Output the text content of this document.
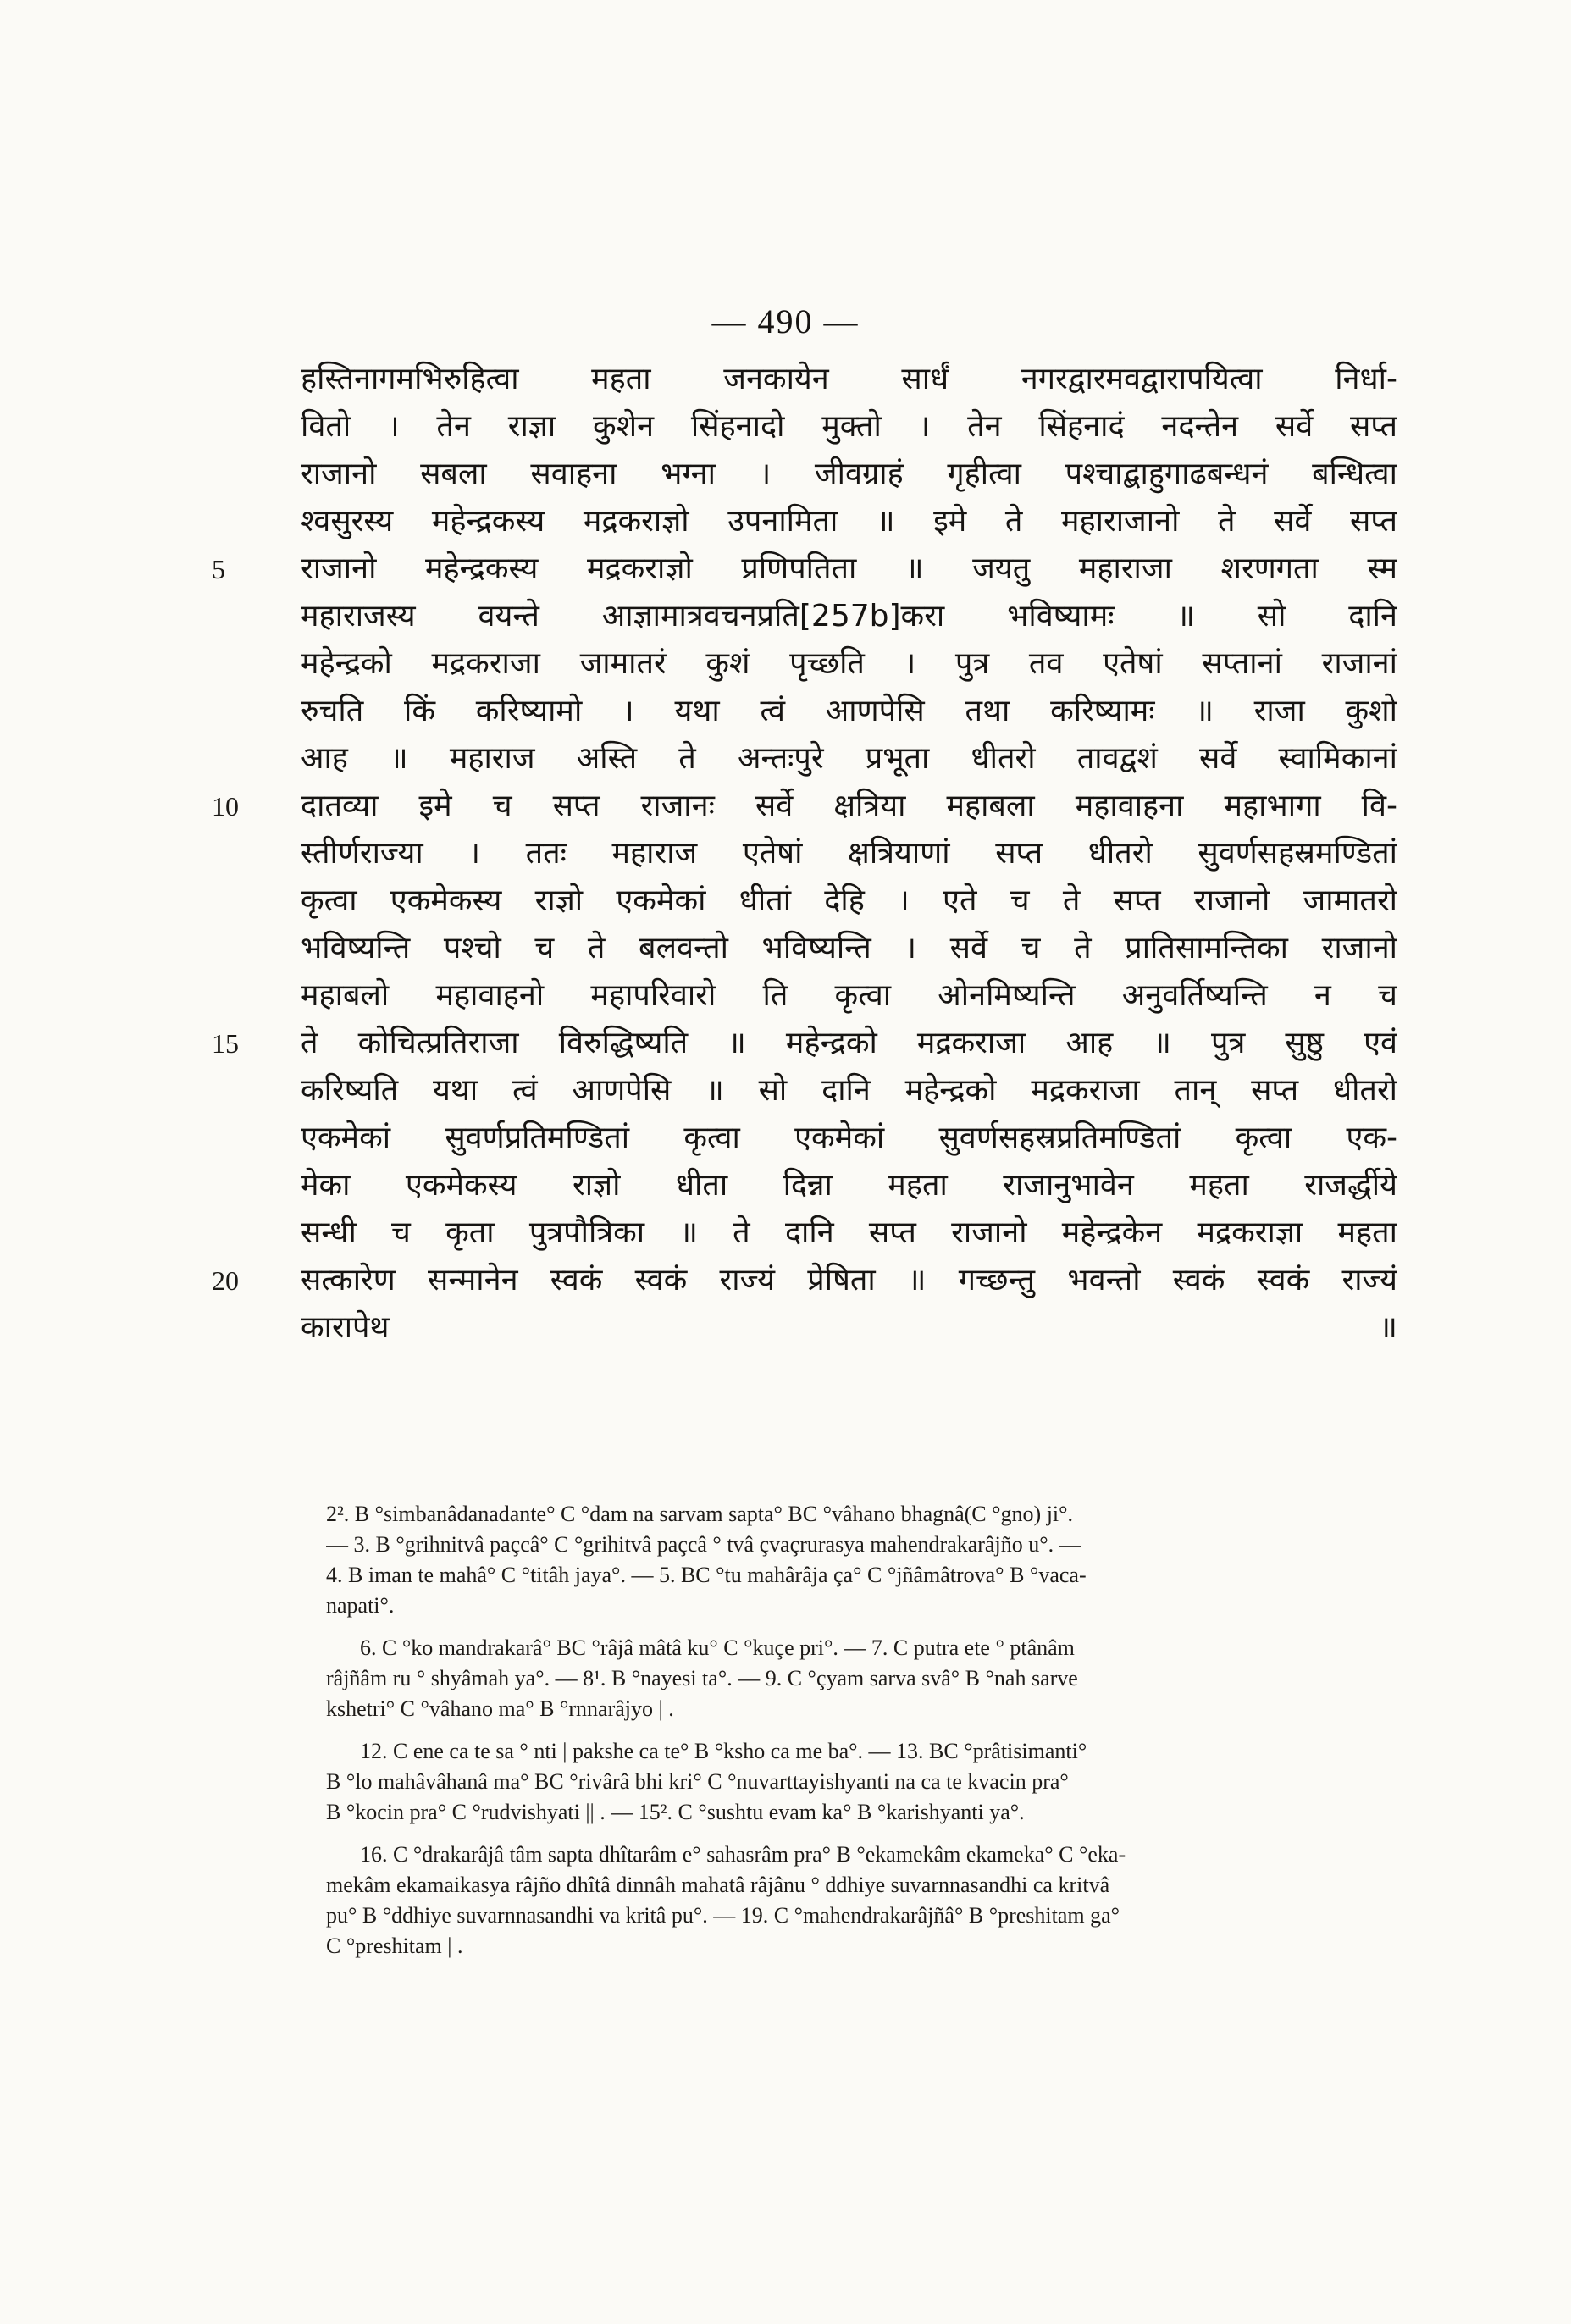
— 490 —
हस्तिनागमभिरुहित्वा महता जनकायेन सार्धं नगरद्वारमवद्वारापयित्वा निर्धा-
वितो । तेन राज्ञा कुशेन सिंहनादो मुक्तो । तेन सिंहनादं नदन्तेन सर्वे सप्त
राजानो सबला सवाहना भग्ना । जीवग्राहं गृहीत्वा पश्चाद्बाहुगाढबन्धनं बन्धित्वा
श्वसुरस्य महेन्द्रकस्य मद्रकराज्ञो उपनामिता ॥ इमे ते महाराजानो ते सर्वे सप्त
5	राजानो महेन्द्रकस्य मद्रकराज्ञो प्रणिपतिता ॥ जयतु महाराजा शरणगता स्म
महाराजस्य वयन्ते आज्ञामात्रवचनप्रति[257b]करा भविष्यामः ॥ सो दानि
महेन्द्रको मद्रकराजा जामातरं कुशं पृच्छति । पुत्र तव एतेषां सप्तानां राजानां
रुचति किं करिष्यामो । यथा त्वं आणपेसि तथा करिष्यामः ॥ राजा कुशो
आह ॥ महाराज अस्ति ते अन्तःपुरे प्रभूता धीतरो तावद्वशं सर्वे स्वामिकानां
10	दातव्या इमे च सप्त राजानः सर्वे क्षत्रिया महाबला महावाहना महाभागा वि-
स्तीर्णराज्या । ततः महाराज एतेषां क्षत्रियाणां सप्त धीतरो सुवर्णसहस्रमण्डितां
कृत्वा एकमेकस्य राज्ञो एकमेकां धीतां देहि । एते च ते सप्त राजानो जामातरो
भविष्यन्ति पश्चो च ते बलवन्तो भविष्यन्ति । सर्वे च ते प्रातिसामन्तिका राजानो
महाबलो महावाहनो महापरिवारो ति कृत्वा ओनमिष्यन्ति अनुवर्तिष्यन्ति न च
15	ते कोचित्प्रतिराजा विरुद्धिष्यति ॥ महेन्द्रको मद्रकराजा आह ॥ पुत्र सुष्ठु एवं
करिष्यति यथा त्वं आणपेसि ॥ सो दानि महेन्द्रको मद्रकराजा तान् सप्त धीतरो
एकमेकां सुवर्णप्रतिमण्डितां कृत्वा एकमेकां सुवर्णसहस्रप्रतिमण्डितां कृत्वा एक-
मेका एकमेकस्य राज्ञो धीता दिन्ना महता राजानुभावेन महता राजर्द्धीये
सन्धी च कृता पुत्रपौत्रिका ॥ ते दानि सप्त राजानो महेन्द्रकेन मद्रकराज्ञा महता
20	सत्कारेण सन्मानेन स्वकं स्वकं राज्यं प्रेषिता ॥ गच्छन्तु भवन्तो स्वकं स्वकं राज्यं
कारापेथ ॥
2². B °simbanâdanadante° C °dam na sarvam sapta° BC °vâhano bhagnâ(C °gno) ji°.
— 3. B °grihnitvâ paçcâ° C °grihitvâ paçcâ ° tvâ çvaçrurasya mahendrakarâjño u°. —
4. B iman te mahâ° C °titâh jaya°. — 5. BC °tu mahârâja ça° C °jñâmâtrova° B °vaca-
napati°.
6. C °ko mandrakarâ° BC °râjâ mâtâ ku° C °kuçe pri°. — 7. C putra ete ° ptânâm
râjñâm ru ° shyâmah ya°. — 8¹. B °nayesi ta°. — 9. C °çyam sarva svâ° B °nah sarve
kshetri° C °vâhano ma° B °rnnarâjyo | .
12. C ene ca te sa ° nti | pakshe ca te° B °ksho ca me ba°. — 13. BC °prâtisimanti°
B °lo mahâvâhanâ ma° BC °rivârâ bhi kri° C °nuvarttayishyanti na ca te kvacin pra°
B °kocin pra° C °rudvishyati || . — 15². C °sushtu evam ka° B °karishyanti ya°.
16. C °drakarâjâ tâm sapta dhîtarâm e° sahasrâm pra° B °ekamekâm ekameka° C °eka-
mekâm ekamaikasya râjño dhîtâ dinnâh mahatâ râjânu ° ddhiye suvarnnasandhi ca kritvâ
pu° B °ddhiye suvarnnasandhi va kritâ pu°. — 19. C °mahendrakarâjñâ° B °preshitam ga°
C °preshitam | .
